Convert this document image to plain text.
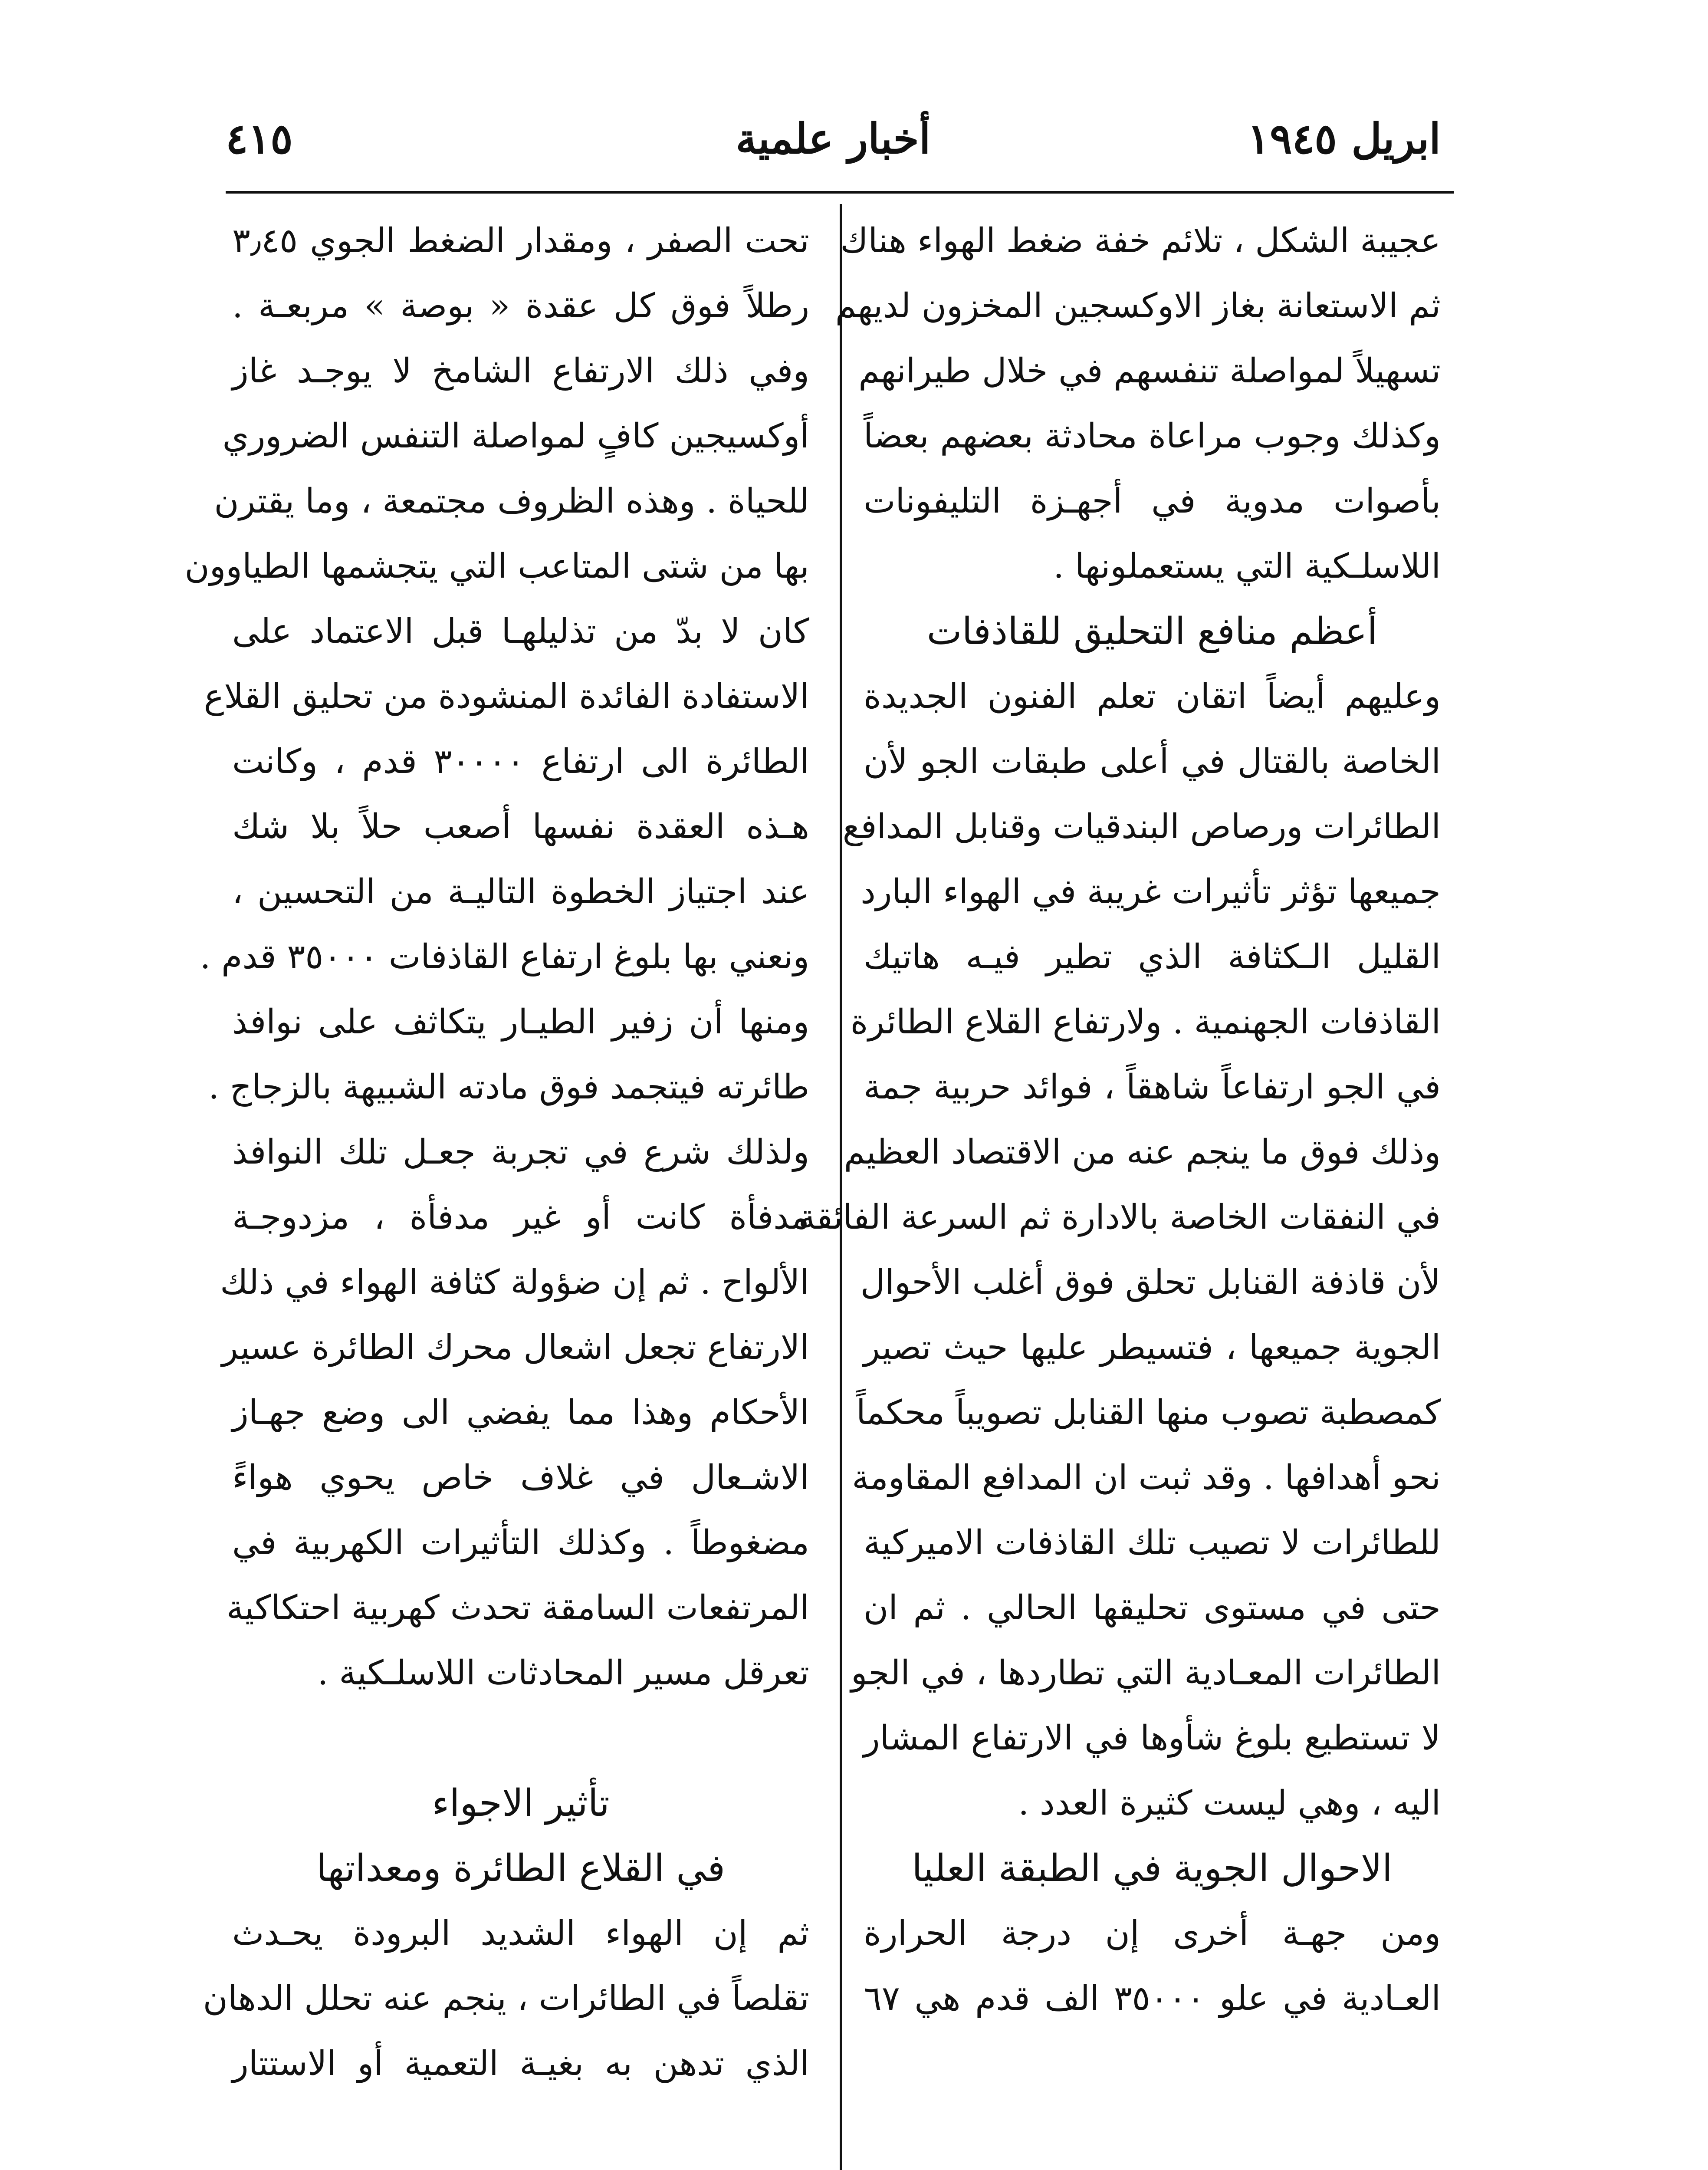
ابريل ١٩٤٥
أخبار علمية
٤١٥
عجيبة الشكل ، تلائم خفة ضغط الهواء هناك
ثم الاستعانة بغاز الاوكسجين المخزون لديهم
تسهيلاً لمواصلة تنفسهم في خلال طيرانهم
وكذلك وجوب مراعاة محادثة بعضهم بعضاً
بأصوات مدوية في أجهـزة التليفونات
اللاسلـكية التي يستعملونها .
أعظم منافع التحليق للقاذفات
وعليهم أيضاً اتقان تعلم الفنون الجديدة
الخاصة بالقتال في أعلى طبقات الجو لأن
الطائرات ورصاص البندقيات وقنابل المدافع
جميعها تؤثر تأثيرات غريبة في الهواء البارد
القليل الـكثافة الذي تطير فيـه هاتيك
القاذفات الجهنمية . ولارتفاع القلاع الطائرة
في الجو ارتفاعاً شاهقاً ، فوائد حربية جمة
وذلك فوق ما ينجم عنه من الاقتصاد العظيم
في النفقات الخاصة بالادارة ثم السرعة الفائقة
لأن قاذفة القنابل تحلق فوق أغلب الأحوال
الجوية جميعها ، فتسيطر عليها حيث تصير
كمصطبة تصوب منها القنابل تصويباً محكماً
نحو أهدافها . وقد ثبت ان المدافع المقاومة
للطائرات لا تصيب تلك القاذفات الاميركية
حتى في مستوى تحليقها الحالي . ثم ان
الطائرات المعـادية التي تطاردها ، في الجو
لا تستطيع بلوغ شأوها في الارتفاع المشار
اليه ، وهي ليست كثيرة العدد .
الاحوال الجوية في الطبقة العليا
ومن جهـة أخرى إن درجة الحرارة
العـادية في علو ٣٥٠٠٠ الف قدم هي ٦٧
تحت الصفر ، ومقدار الضغط الجوي ٣٫٤٥
رطلاً فوق كل عقدة « بوصة » مربعـة .
وفي ذلك الارتفاع الشامخ لا يوجـد غاز
أوكسيجين كافٍ لمواصلة التنفس الضروري
للحياة . وهذه الظروف مجتمعة ، وما يقترن
بها من شتى المتاعب التي يتجشمها الطياوون
كان لا بدّ من تذليلهـا قبل الاعتماد على
الاستفادة الفائدة المنشودة من تحليق القلاع
الطائرة الى ارتفاع ٣٠٠٠٠ قدم ، وكانت
هـذه العقدة نفسها أصعب حلاً بلا شك
عند اجتياز الخطوة التاليـة من التحسين ،
ونعني بها بلوغ ارتفاع القاذفات ٣٥٠٠٠ قدم .
ومنها أن زفير الطيـار يتكاثف على نوافذ
طائرته فيتجمد فوق مادته الشبيهة بالزجاج .
ولذلك شرع في تجربة جعـل تلك النوافذ
مدفأة كانت أو غير مدفأة ، مزدوجـة
الألواح . ثم إن ضؤولة كثافة الهواء في ذلك
الارتفاع تجعل اشعال محرك الطائرة عسير
الأحكام وهذا مما يفضي الى وضع جهـاز
الاشـعال في غلاف خاص يحوي هواءً
مضغوطاً . وكذلك التأثيرات الكهربية في
المرتفعات السامقة تحدث كهربية احتكاكية
تعرقل مسير المحادثات اللاسلـكية .
تأثير الاجواء
في القلاع الطائرة ومعداتها
ثم إن الهواء الشديد البرودة يحـدث
تقلصاً في الطائرات ، ينجم عنه تحلل الدهان
الذي تدهن به بغيـة التعمية أو الاستتار
